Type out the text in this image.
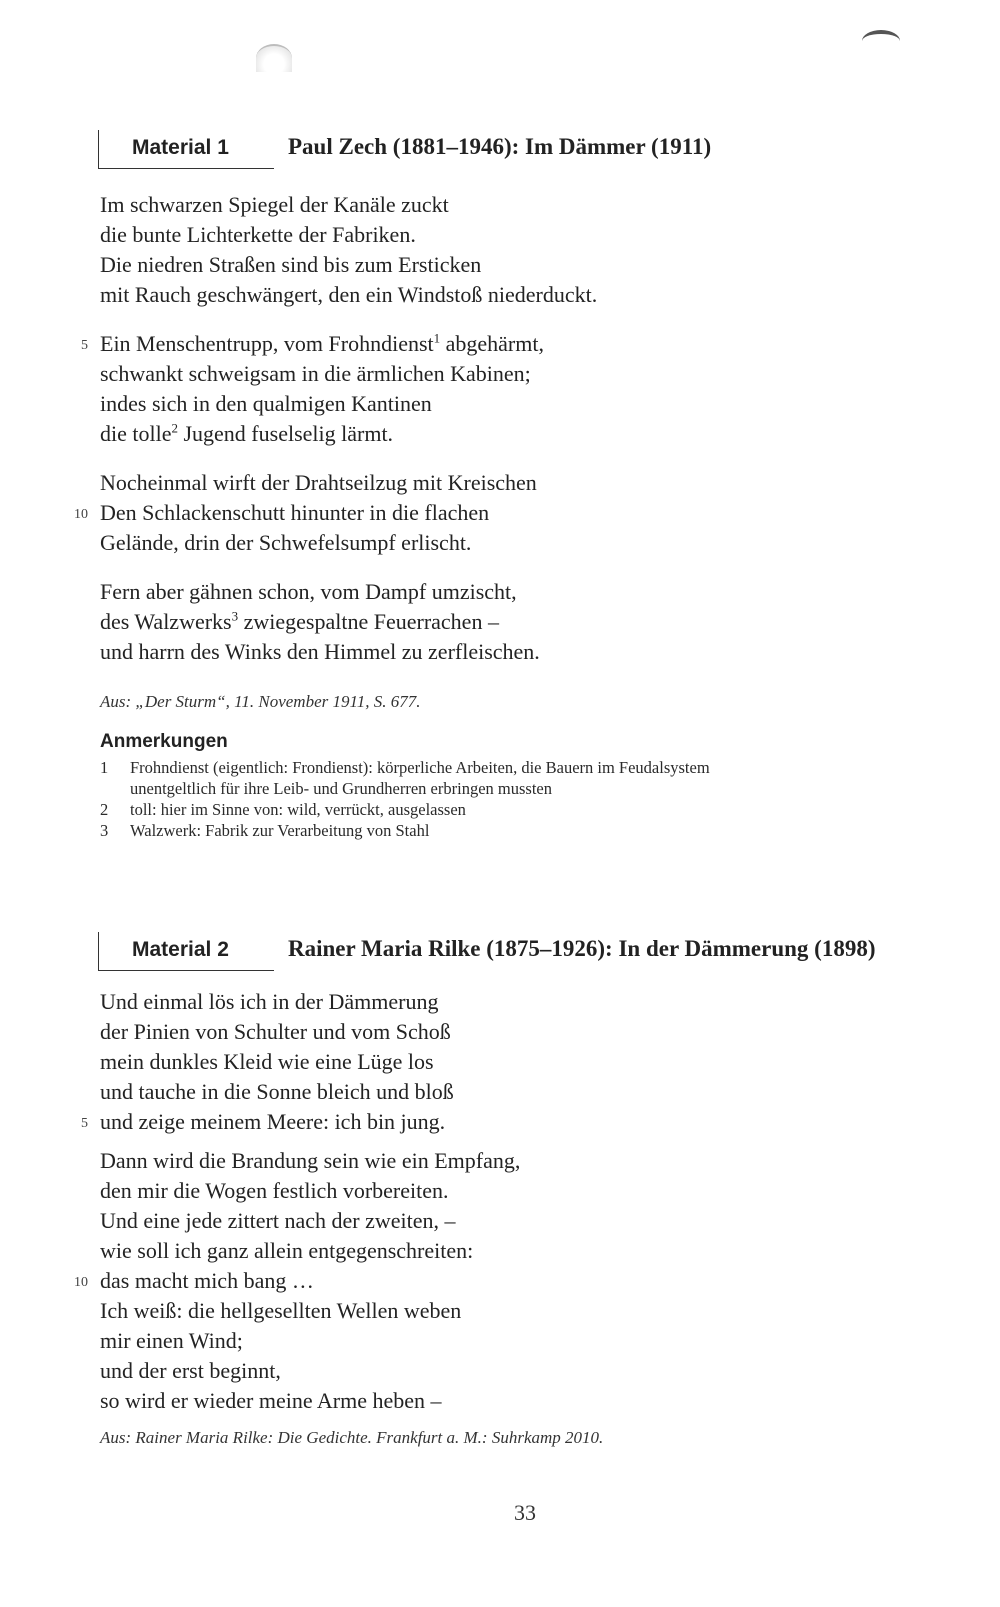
Material 1	Paul Zech (1881–1946): Im Dämmer (1911)
Im schwarzen Spiegel der Kanäle zuckt
die bunte Lichterkette der Fabriken.
Die niedren Straßen sind bis zum Ersticken
mit Rauch geschwängert, den ein Windstoß niederduckt.
5 Ein Menschentrupp, vom Frohndienst$^1$ abgehärmt,
schwankt schweigsam in die ärmlichen Kabinen;
indes sich in den qualmigen Kantinen
die tolle$^2$ Jugend fuselselig lärmt.
Nocheinmal wirft der Drahtseilzug mit Kreischen
10 Den Schlackenschutt hinunter in die flachen
Gelände, drin der Schwefelsumpf erlischt.
Fern aber gähnen schon, vom Dampf umzischt,
des Walzwerks$^3$ zwiegespaltne Feuerrachen –
und harrn des Winks den Himmel zu zerfleischen.
Aus: „Der Sturm“, 11. November 1911, S. 677.
Anmerkungen
1 Frohndienst (eigentlich: Frondienst): körperliche Arbeiten, die Bauern im Feudalsystem
unentgeltlich für ihre Leib- und Grundherren erbringen mussten
2 toll: hier im Sinne von: wild, verrückt, ausgelassen
3 Walzwerk: Fabrik zur Verarbeitung von Stahl
Material 2	Rainer Maria Rilke (1875–1926): In der Dämmerung (1898)
Und einmal lös ich in der Dämmerung
der Pinien von Schulter und vom Schoß
mein dunkles Kleid wie eine Lüge los
und tauche in die Sonne bleich und bloß
5 und zeige meinem Meere: ich bin jung.
Dann wird die Brandung sein wie ein Empfang,
den mir die Wogen festlich vorbereiten.
Und eine jede zittert nach der zweiten, –
wie soll ich ganz allein entgegenschreiten:
10 das macht mich bang …
Ich weiß: die hellgesellten Wellen weben
mir einen Wind;
und der erst beginnt,
so wird er wieder meine Arme heben –
Aus: Rainer Maria Rilke: Die Gedichte. Frankfurt a. M.: Suhrkamp 2010.
33
